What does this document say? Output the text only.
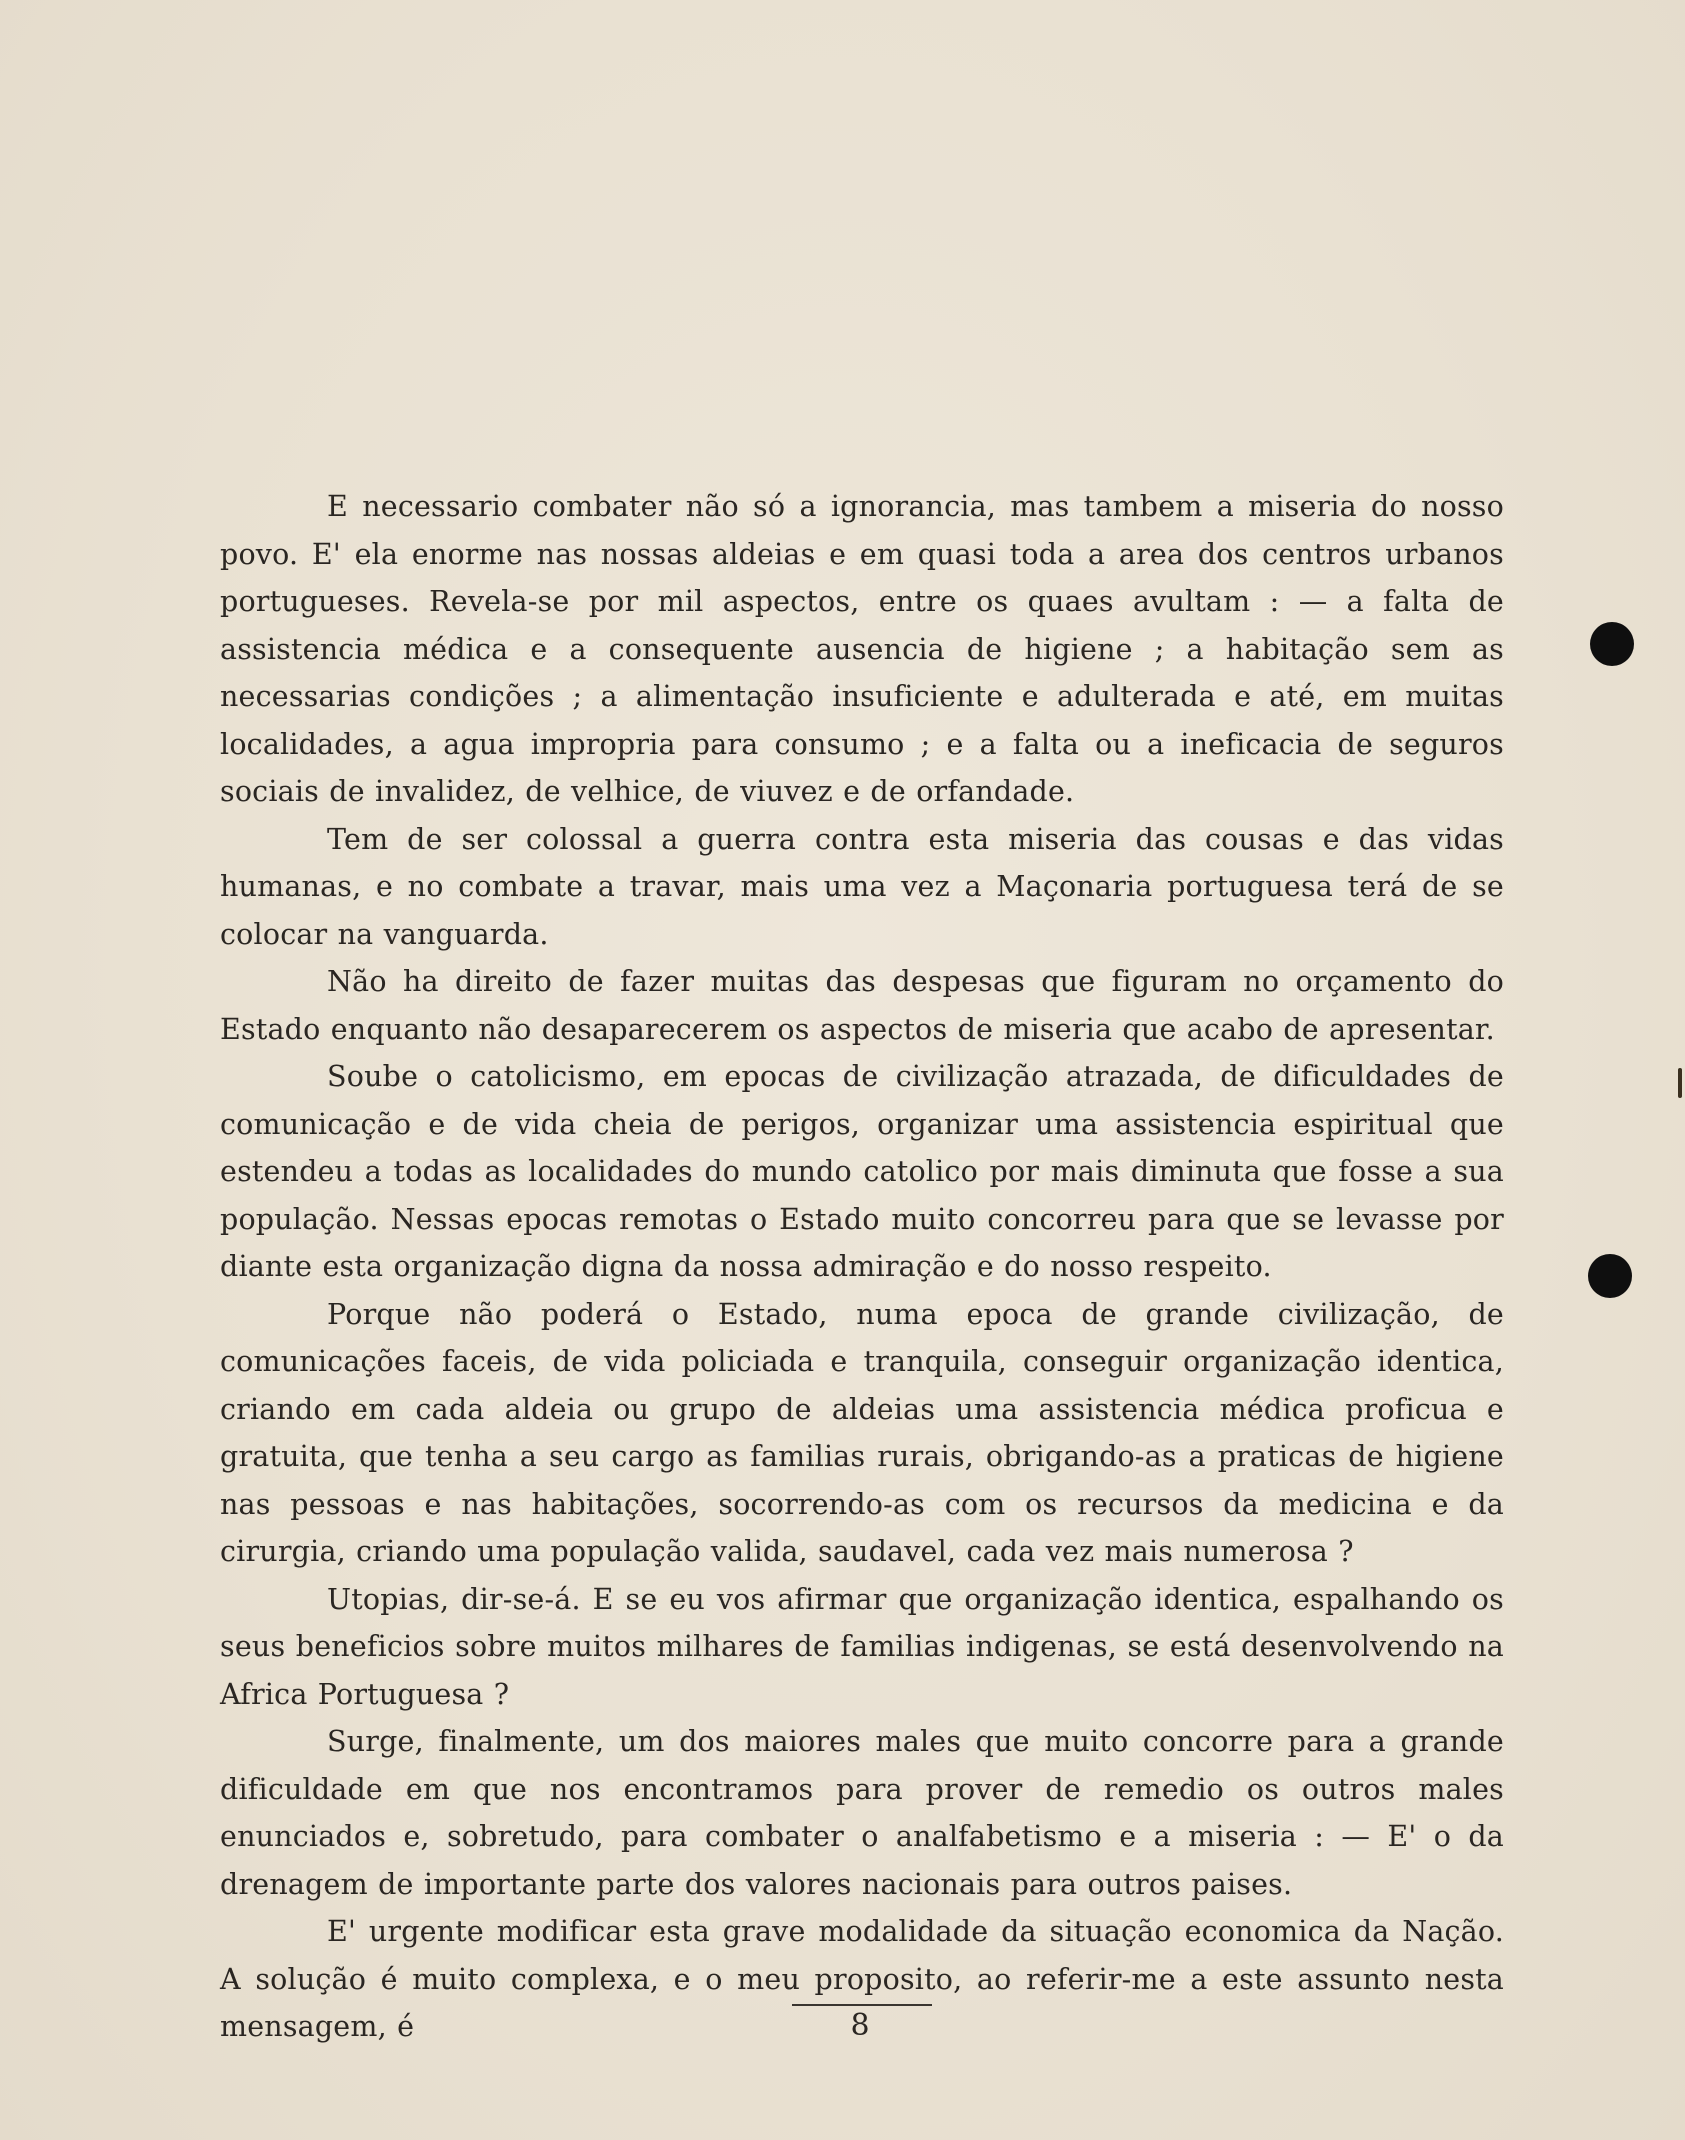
E necessario combater não só a ignorancia, mas tambem a miseria do nosso povo. E' ela enorme nas nossas aldeias e em quasi toda a area dos centros urbanos portugueses. Revela-se por mil aspectos, entre os quaes avultam : — a falta de assistencia médica e a consequente ausencia de higiene ; a habitação sem as necessarias condições ; a alimentação insuficiente e adulterada e até, em muitas localidades, a agua impropria para consumo ; e a falta ou a ineficacia de seguros sociais de invalidez, de velhice, de viuvez e de orfandade.

Tem de ser colossal a guerra contra esta miseria das cousas e das vidas humanas, e no combate a travar, mais uma vez a Maçonaria portuguesa terá de se colocar na vanguarda.

Não ha direito de fazer muitas das despesas que figuram no orçamento do Estado enquanto não desaparecerem os aspectos de miseria que acabo de apresentar.

Soube o catolicismo, em epocas de civilização atrazada, de dificuldades de comunicação e de vida cheia de perigos, organizar uma assistencia espiritual que estendeu a todas as localidades do mundo catolico por mais diminuta que fosse a sua população. Nessas epocas remotas o Estado muito concorreu para que se levasse por diante esta organização digna da nossa admiração e do nosso respeito.

Porque não poderá o Estado, numa epoca de grande civilização, de comunicações faceis, de vida policiada e tranquila, conseguir organização identica, criando em cada aldeia ou grupo de aldeias uma assistencia médica proficua e gratuita, que tenha a seu cargo as familias rurais, obrigando-as a praticas de higiene nas pessoas e nas habitações, socorrendo-as com os recursos da medicina e da cirurgia, criando uma população valida, saudavel, cada vez mais numerosa ?

Utopias, dir-se-á. E se eu vos afirmar que organização identica, espalhando os seus beneficios sobre muitos milhares de familias indigenas, se está desenvolvendo na Africa Portuguesa ?

Surge, finalmente, um dos maiores males que muito concorre para a grande dificuldade em que nos encontramos para prover de remedio os outros males enunciados e, sobretudo, para combater o analfabetismo e a miseria : — E' o da drenagem de importante parte dos valores nacionais para outros paises.

E' urgente modificar esta grave modalidade da situação economica da Nação. A solução é muito complexa, e o meu proposito, ao referir-me a este assunto nesta mensagem, é	8
